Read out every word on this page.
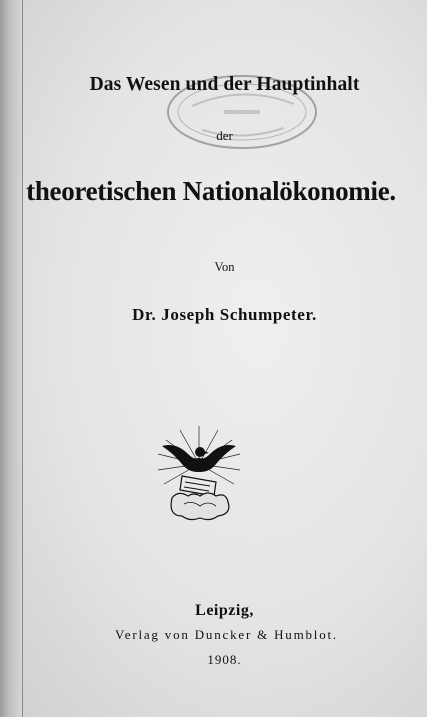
Das Wesen und der Hauptinhalt
der
theoretischen Nationalökonomie.
Von
Dr. Joseph Schumpeter.
Leipzig,
Verlag von Duncker & Humblot.
1908.
